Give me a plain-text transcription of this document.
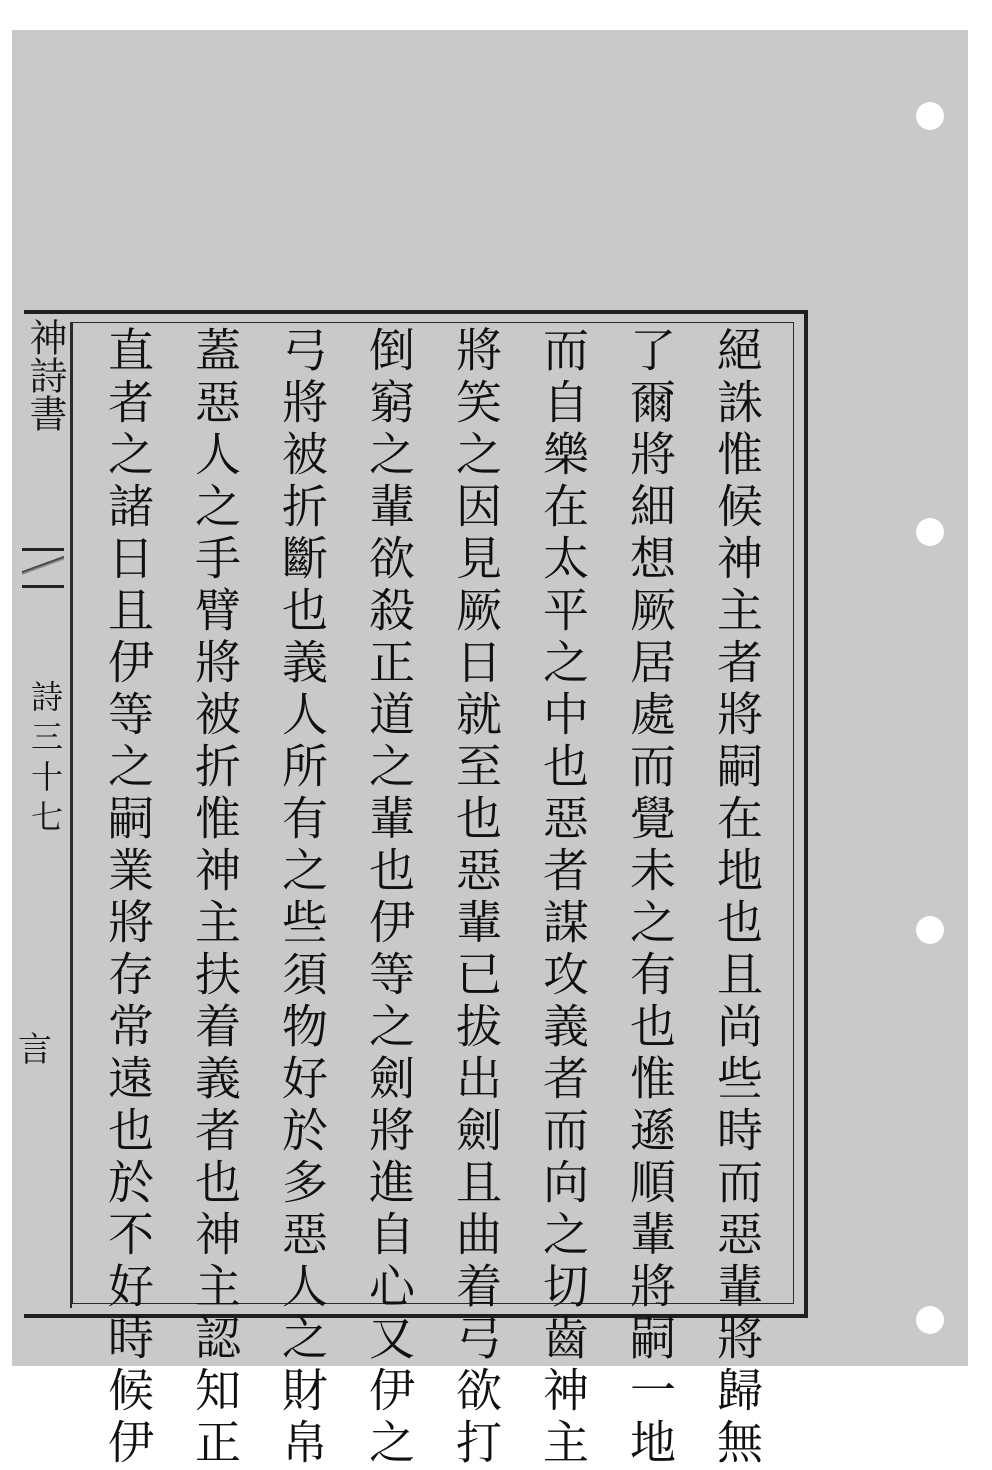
神詩書
詩三十七
言	絕誅惟候神主者將嗣在地也且尚些時而惡輩將歸無
了爾將細想厥居處而覺未之有也惟遜順輩將嗣一地
而自樂在太平之中也惡者謀攻義者而向之切齒神主
將笑之因見厥日就至也惡輩已拔出劍且曲着弓欲打
倒窮之輩欲殺正道之輩也伊等之劍將進自心又伊之
弓將被折斷也義人所有之些須物好於多惡人之財帛
蓋惡人之手臂將被折惟神主扶着義者也神主認知正
直者之諸日且伊等之嗣業將存常遠也於不好時候伊
